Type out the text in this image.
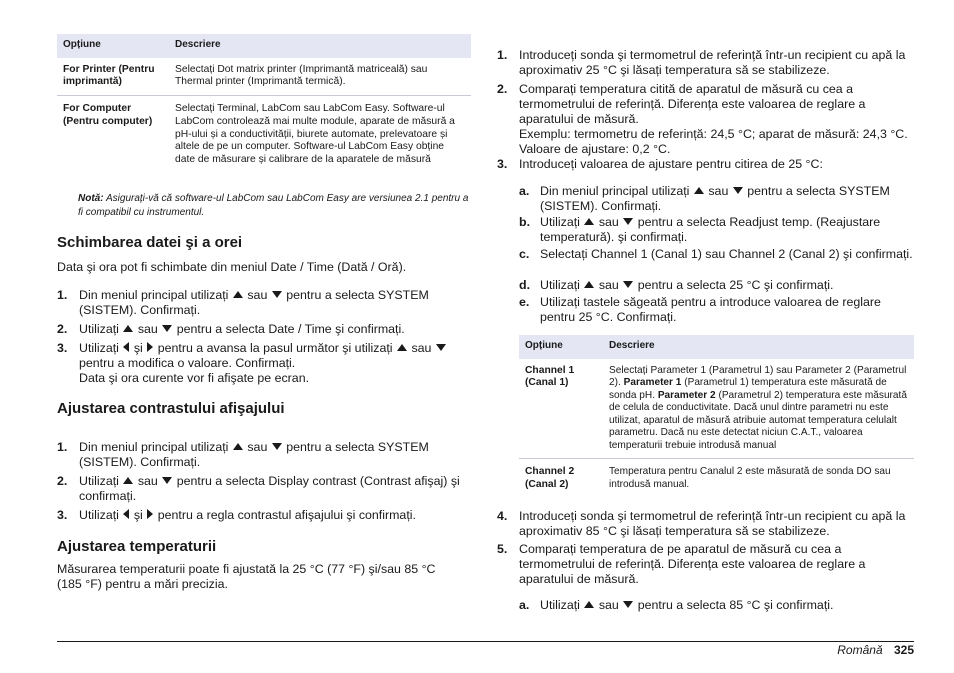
Opțiune	Descriere
For Printer (Pentru imprimantă)	Selectați Dot matrix printer (Imprimantă matriceală) sau Thermal printer (Imprimantă termică).
For Computer (Pentru computer)	Selectați Terminal, LabCom sau LabCom Easy. Software-ul LabCom controlează mai multe module, aparate de măsură a pH-ului și a conductivității, biurete automate, prelevatoare și altele de pe un computer. Software-ul LabCom Easy obține date de măsurare și calibrare de la aparatele de măsură
Notă: Asigurați-vă că software-ul LabCom sau LabCom Easy are versiunea 2.1 pentru a fi compatibil cu instrumentul.
Schimbarea datei şi a orei
Data şi ora pot fi schimbate din meniul Date / Time (Dată / Oră).
1. Din meniul principal utilizați sau pentru a selecta SYSTEM (SISTEM). Confirmați.
2. Utilizați sau pentru a selecta Date / Time şi confirmați.
3. Utilizați şi pentru a avansa la pasul următor şi utilizați sau  pentru a modifica o valoare. Confirmați.
Data şi ora curente vor fi afişate pe ecran.
Ajustarea contrastului afişajului
1. Din meniul principal utilizați sau pentru a selecta SYSTEM (SISTEM). Confirmați.
2. Utilizați sau pentru a selecta Display contrast (Contrast afişaj) şi confirmați.
3. Utilizați şi pentru a regla contrastul afişajului şi confirmați.
Ajustarea temperaturii
Măsurarea temperaturii poate fi ajustată la 25 °C (77 °F) şi/sau 85 °C (185 °F) pentru a mări precizia.
1. Introduceți sonda şi termometrul de referință într-un recipient cu apă la aproximativ 25 °C şi lăsați temperatura să se stabilizeze.
2. Comparați temperatura citită de aparatul de măsură cu cea a termometrului de referință. Diferența este valoarea de reglare a aparatului de măsură.
Exemplu: termometru de referință: 24,5 °C; aparat de măsură: 24,3 °C. Valoare de ajustare: 0,2 °C.
3. Introduceți valoarea de ajustare pentru citirea de 25 °C:
a. Din meniul principal utilizați sau pentru a selecta SYSTEM (SISTEM). Confirmați.
b. Utilizați sau pentru a selecta Readjust temp. (Reajustare temperatură). şi confirmați.
c. Selectați Channel 1 (Canal 1) sau Channel 2 (Canal 2) şi confirmați.
d. Utilizați sau pentru a selecta 25 °C şi confirmați.
e. Utilizați tastele săgeată pentru a introduce valoarea de reglare pentru 25 °C. Confirmați.
Opțiune	Descriere
Channel 1 (Canal 1)	Selectați Parameter 1 (Parametrul 1) sau Parameter 2 (Parametrul 2). Parameter 1 (Parametrul 1) temperatura este măsurată de sonda pH. Parameter 2 (Parametrul 2) temperatura este măsurată de celula de conductivitate. Dacă unul dintre parametri nu este utilizat, aparatul de măsură atribuie automat temperatura celulalt parametru. Dacă nu este detectat niciun C.A.T., valoarea temperaturii trebuie introdusă manual
Channel 2 (Canal 2)	Temperatura pentru Canalul 2 este măsurată de sonda DO sau introdusă manual.
4. Introduceți sonda şi termometrul de referință într-un recipient cu apă la aproximativ 85 °C şi lăsați temperatura să se stabilizeze.
5. Comparați temperatura de pe aparatul de măsură cu cea a termometrului de referință. Diferența este valoarea de reglare a aparatului de măsură.
a. Utilizați sau pentru a selecta 85 °C şi confirmați.
Română 325
